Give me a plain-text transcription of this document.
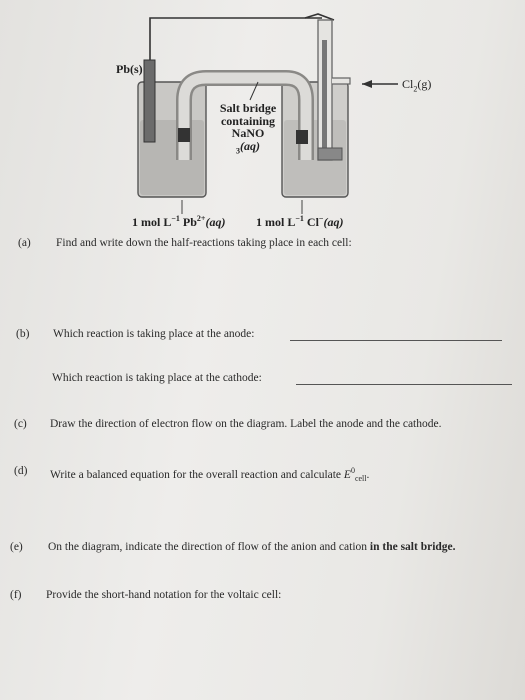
Pb(s)
$Cl_2(g)$
Salt bridge
containing
NaNO
$_3$(aq)
1 mol $L^{-1}$ $Pb^{2+}(aq)$	1 mol $L^{-1}$ Cl−(aq)
(a) Find and write down the half-reactions taking place in each cell:
(b) Which reaction is taking place at the anode:
Which reaction is taking place at the cathode:
(c) Draw the direction of electron flow on the diagram. Label the anode and the cathode.
(d) Write a balanced equation for the overall reaction and calculate $E^0_{cell}$.
(e) On the diagram, indicate the direction of flow of the anion and cation in the salt bridge.
(f) Provide the short-hand notation for the voltaic cell:
